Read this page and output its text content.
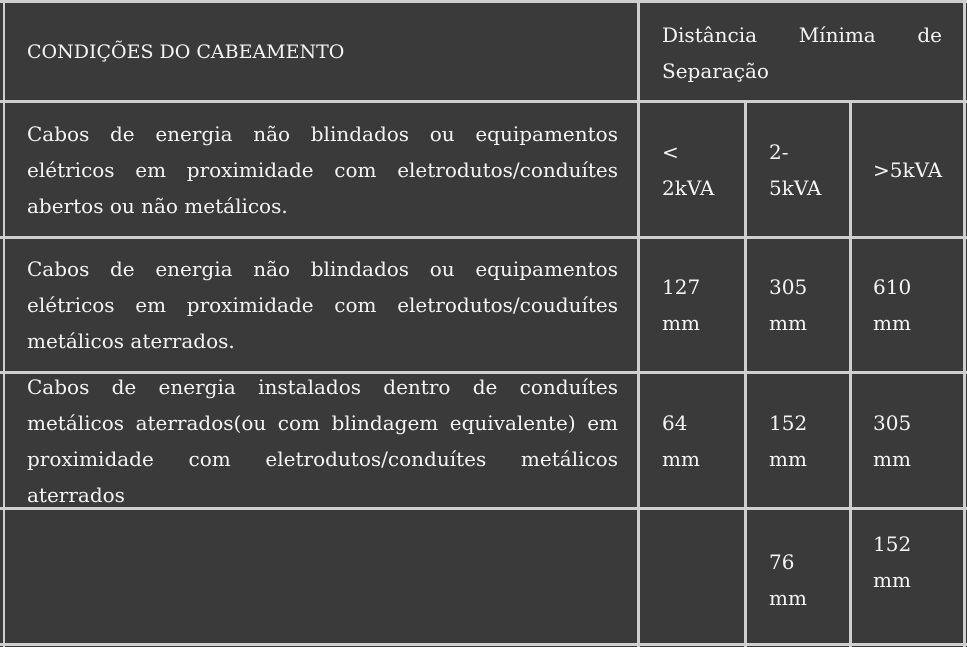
CONDIÇÕES DO CABEAMENTO
Distância Mínima de
Separação
Cabos de energia não blindados ou equipamentos elétricos em proximidade com eletrodutos/conduítes abertos ou não metálicos.
< 2kVA
2-5kVA
>5kVA
Cabos de energia não blindados ou equipamentos elétricos em proximidade com eletrodutos/couduítes metálicos aterrados.
127 mm
305 mm
610 mm
Cabos de energia instalados dentro de conduítes metálicos aterrados(ou com blindagem equivalente) em proximidade com eletrodutos/conduítes metálicos aterrados
64 mm
152 mm
305 mm
76 mm
152 mm
